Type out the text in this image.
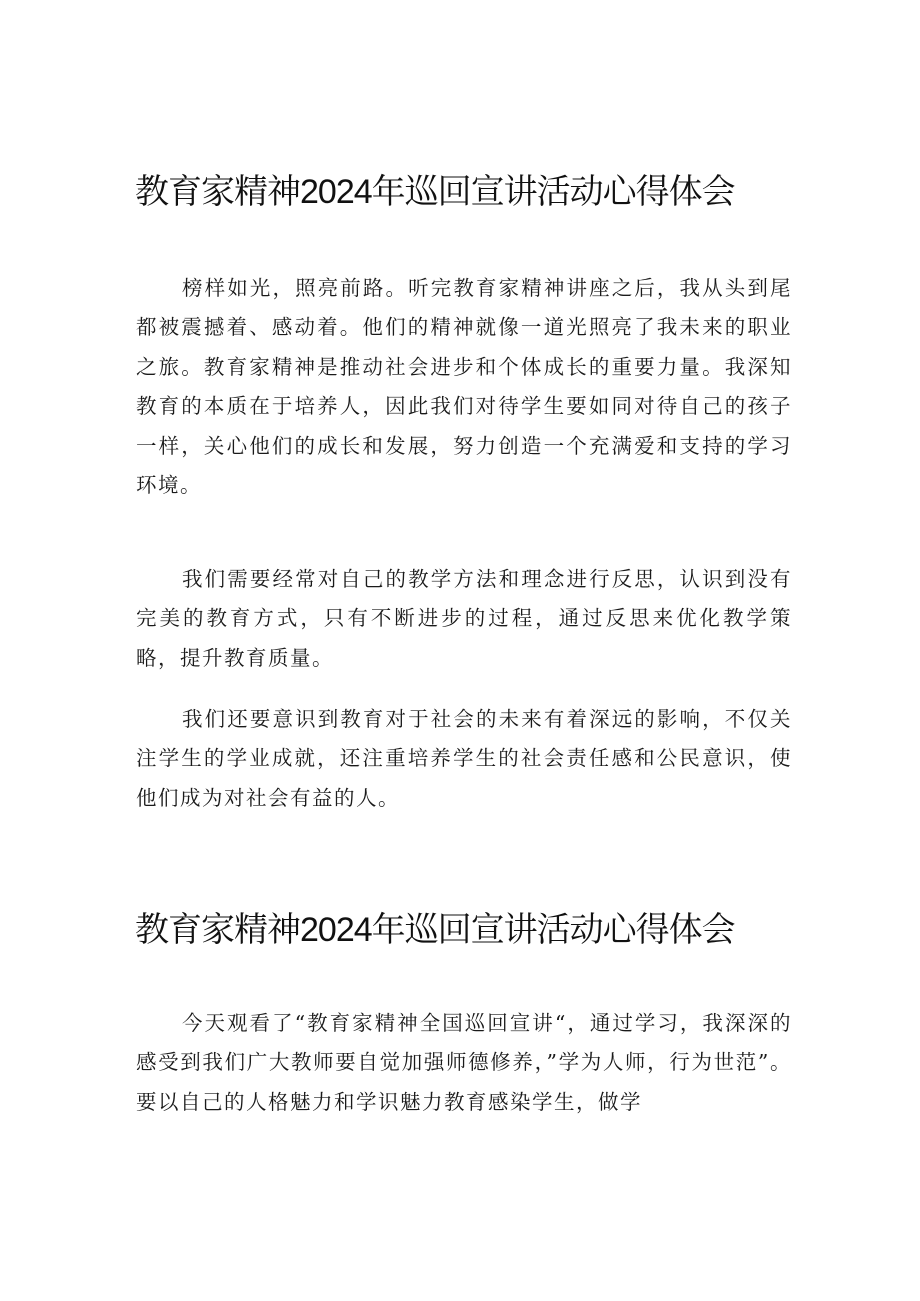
教育家精神2024年巡回宣讲活动心得体会

榜样如光，照亮前路。听完教育家精神讲座之后，我从头到尾都被震撼着、感动着。他们的精神就像一道光照亮了我未来的职业之旅。教育家精神是推动社会进步和个体成长的重要力量。我深知教育的本质在于培养人，因此我们对待学生要如同对待自己的孩子一样，关心他们的成长和发展，努力创造一个充满爱和支持的学习环境。

我们需要经常对自己的教学方法和理念进行反思，认识到没有完美的教育方式，只有不断进步的过程，通过反思来优化教学策略，提升教育质量。

我们还要意识到教育对于社会的未来有着深远的影响，不仅关注学生的学业成就，还注重培养学生的社会责任感和公民意识，使他们成为对社会有益的人。

教育家精神2024年巡回宣讲活动心得体会

今天观看了“教育家精神全国巡回宣讲“，通过学习，我深深的感受到我们广大教师要自觉加强师德修养，”学为人师，行为世范”。要以自己的人格魅力和学识魅力教育感染学生，做学
